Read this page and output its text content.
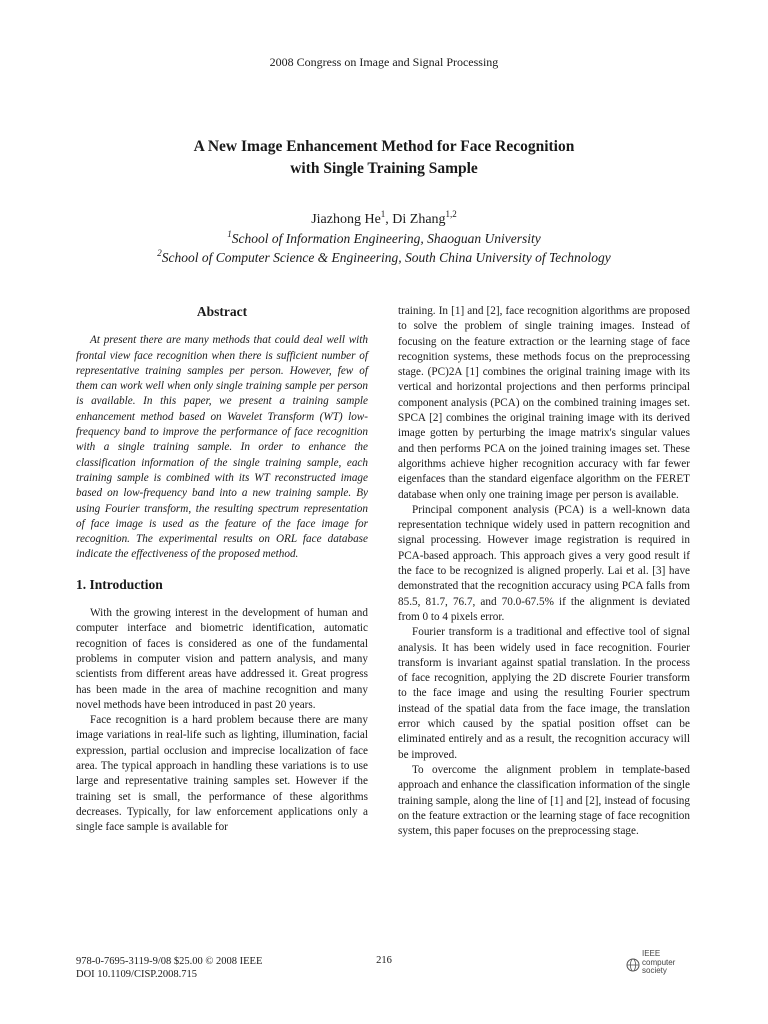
2008 Congress on Image and Signal Processing
A New Image Enhancement Method for Face Recognition
with Single Training Sample
Jiazhong He$^1$, Di Zhang$^{1,2}$
$^1$School of Information Engineering, Shaoguan University
$^2$School of Computer Science & Engineering, South China University of Technology
Abstract

At present there are many methods that could deal well with frontal view face recognition when there is sufficient number of representative training samples per person. However, few of them can work well when only single training sample per person is available. In this paper, we present a training sample enhancement method based on Wavelet Transform (WT) low-frequency band to improve the performance of face recognition with a single training sample. In order to enhance the classification information of the single training sample, each training sample is combined with its WT reconstructed image based on low-frequency band into a new training sample. By using Fourier transform, the resulting spectrum representation of face image is used as the feature of the face image for recognition. The experimental results on ORL face database indicate the effectiveness of the proposed method.

1. Introduction

With the growing interest in the development of human and computer interface and biometric identification, automatic recognition of faces is considered as one of the fundamental problems in computer vision and pattern analysis, and many scientists from different areas have addressed it. Great progress has been made in the area of machine recognition and many novel methods have been introduced in past 20 years.

Face recognition is a hard problem because there are many image variations in real-life such as lighting, illumination, facial expression, partial occlusion and imprecise localization of face area. The typical approach in handling these variations is to use large and representative training samples set. However if the training set is small, the performance of these algorithms decreases. Typically, for law enforcement applications only a single face sample is available for

training. In [1] and [2], face recognition algorithms are proposed to solve the problem of single training images. Instead of focusing on the feature extraction or the learning stage of face recognition systems, these methods focus on the preprocessing stage. (PC)2A [1] combines the original training image with its vertical and horizontal projections and then performs principal component analysis (PCA) on the combined training images set. SPCA [2] combines the original training image with its derived image gotten by perturbing the image matrix's singular values and then performs PCA on the joined training images set. These algorithms achieve higher recognition accuracy with far fewer eigenfaces than the standard eigenface algorithm on the FERET database when only one training image per person is available.

Principal component analysis (PCA) is a well-known data representation technique widely used in pattern recognition and signal processing. However image registration is required in PCA-based approach. This approach gives a very good result if the face to be recognized is aligned properly. Lai et al. [3] have demonstrated that the recognition accuracy using PCA falls from 85.5, 81.7, 76.7, and 70.0-67.5% if the alignment is deviated from 0 to 4 pixels error.

Fourier transform is a traditional and effective tool of signal analysis. It has been widely used in face recognition. Fourier transform is invariant against spatial translation. In the process of face recognition, applying the 2D discrete Fourier transform to the face image and using the resulting Fourier spectrum instead of the spatial data from the face image, the translation error which caused by the spatial position offset can be eliminated entirely and as a result, the recognition accuracy will be improved.

To overcome the alignment problem in template-based approach and enhance the classification information of the single training sample, along the line of [1] and [2], instead of focusing on the feature extraction or the learning stage of face recognition system, this paper focuses on the preprocessing stage.

978-0-7695-3119-9/08 $25.00 © 2008 IEEE
DOI 10.1109/CISP.2008.715
216
IEEE
computer
society
